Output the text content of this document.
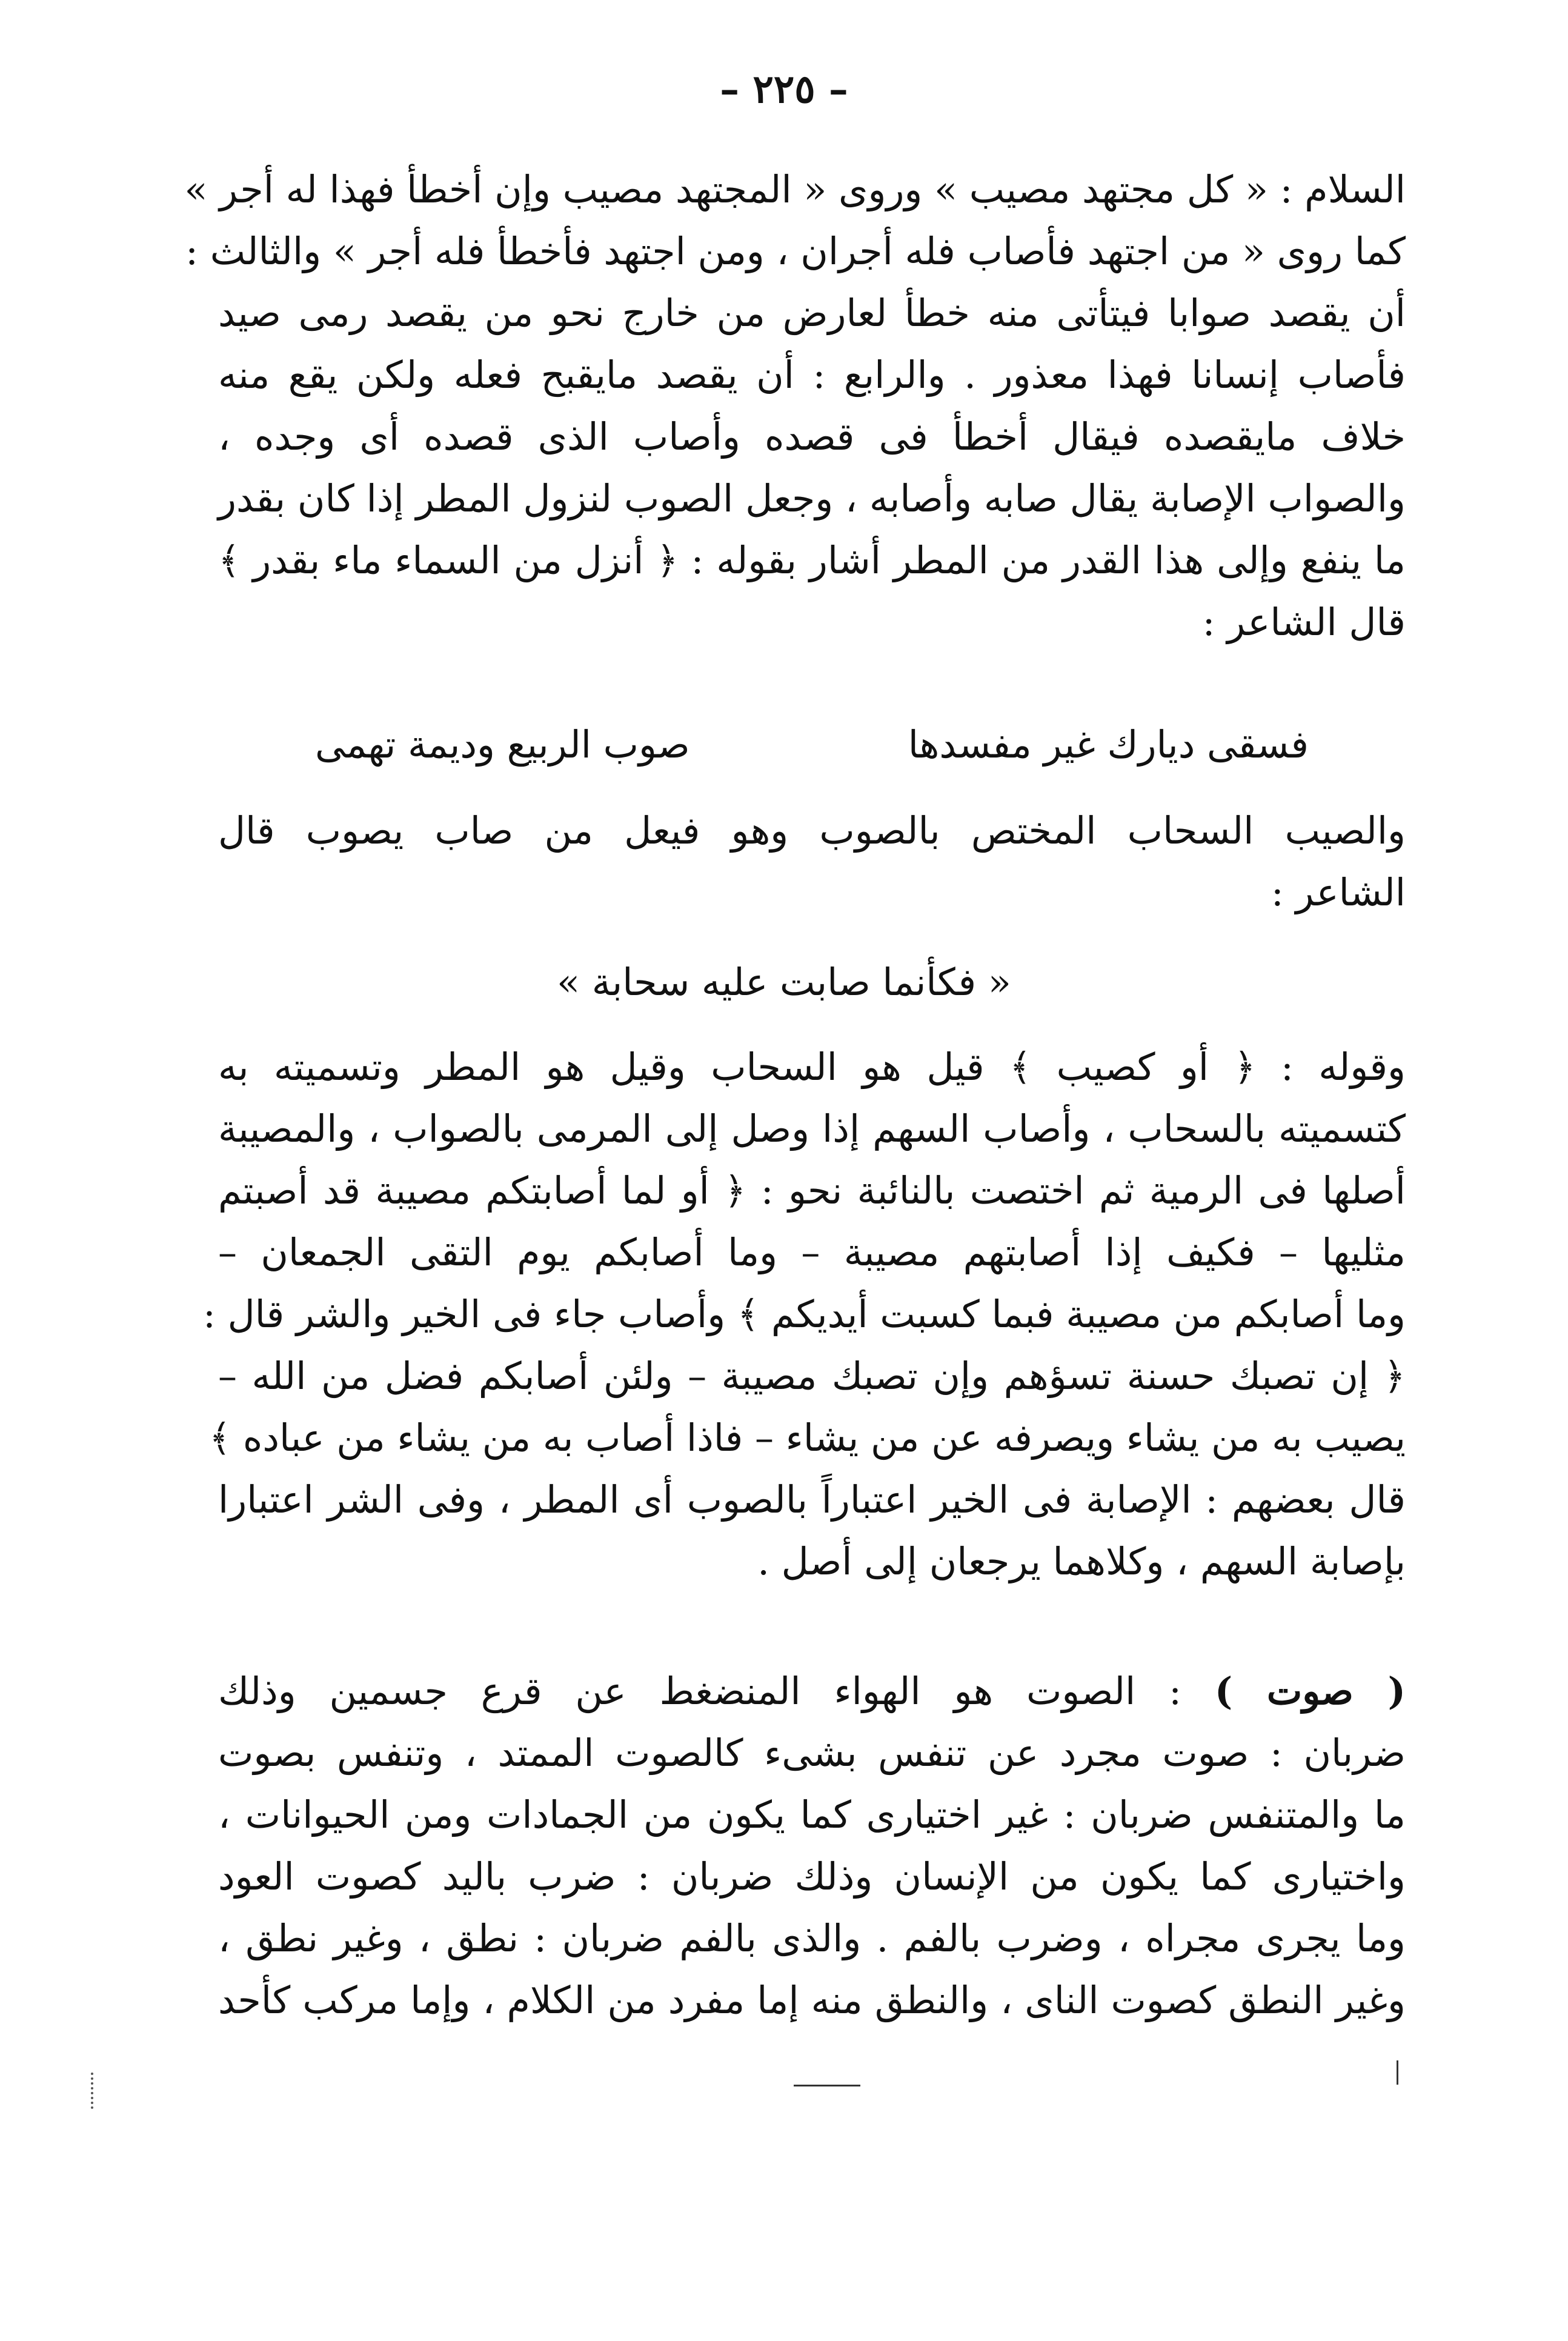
– ٢٢٥ –
السلام : « كل مجتهد مصيب » وروى « المجتهد مصيب وإن أخطأ فهذا له أجر »
كما روى « من اجتهد فأصاب فله أجران ، ومن اجتهد فأخطأ فله أجر » والثالث :
أن يقصد صوابا فيتأتى منه خطأ لعارض من خارج نحو من يقصد رمى صيد
فأصاب إنسانا فهذا معذور . والرابع : أن يقصد مايقبح فعله ولكن يقع منه
خلاف مايقصده فيقال أخطأ فى قصده وأصاب الذى قصده أى وجده ،
والصواب الإصابة يقال صابه وأصابه ، وجعل الصوب لنزول المطر إذا كان بقدر
ما ينفع وإلى هذا القدر من المطر أشار بقوله : ﴿ أنزل من السماء ماء بقدر ﴾
قال الشاعر :
فسقى ديارك غير مفسدها
صوب الربيع وديمة تهمى
والصيب السحاب المختص بالصوب وهو فيعل من صاب يصوب قال
الشاعر :
« فكأنما صابت عليه سحابة »
وقوله : ﴿ أو كصيب ﴾ قيل هو السحاب وقيل هو المطر وتسميته به
كتسميته بالسحاب ، وأصاب السهم إذا وصل إلى المرمى بالصواب ، والمصيبة
أصلها فى الرمية ثم اختصت بالنائبة نحو : ﴿ أو لما أصابتكم مصيبة قد أصبتم
مثليها – فكيف إذا أصابتهم مصيبة – وما أصابكم يوم التقى الجمعان –
وما أصابكم من مصيبة فبما كسبت أيديكم ﴾ وأصاب جاء فى الخير والشر قال :
﴿ إن تصبك حسنة تسؤهم وإن تصبك مصيبة – ولئن أصابكم فضل من الله –
يصيب به من يشاء ويصرفه عن من يشاء – فاذا أصاب به من يشاء من عباده ﴾
قال بعضهم : الإصابة فى الخير اعتباراً بالصوب أى المطر ، وفى الشر اعتبارا
بإصابة السهم ، وكلاهما يرجعان إلى أصل .
( صوت ) : الصوت هو الهواء المنضغط عن قرع جسمين وذلك
ضربان : صوت مجرد عن تنفس بشىء كالصوت الممتد ، وتنفس بصوت
ما والمتنفس ضربان : غير اختيارى كما يكون من الجمادات ومن الحيوانات ،
واختيارى كما يكون من الإنسان وذلك ضربان : ضرب باليد كصوت العود
وما يجرى مجراه ، وضرب بالفم . والذى بالفم ضربان : نطق ، وغير نطق ،
وغير النطق كصوت الناى ، والنطق منه إما مفرد من الكلام ، وإما مركب كأحد
